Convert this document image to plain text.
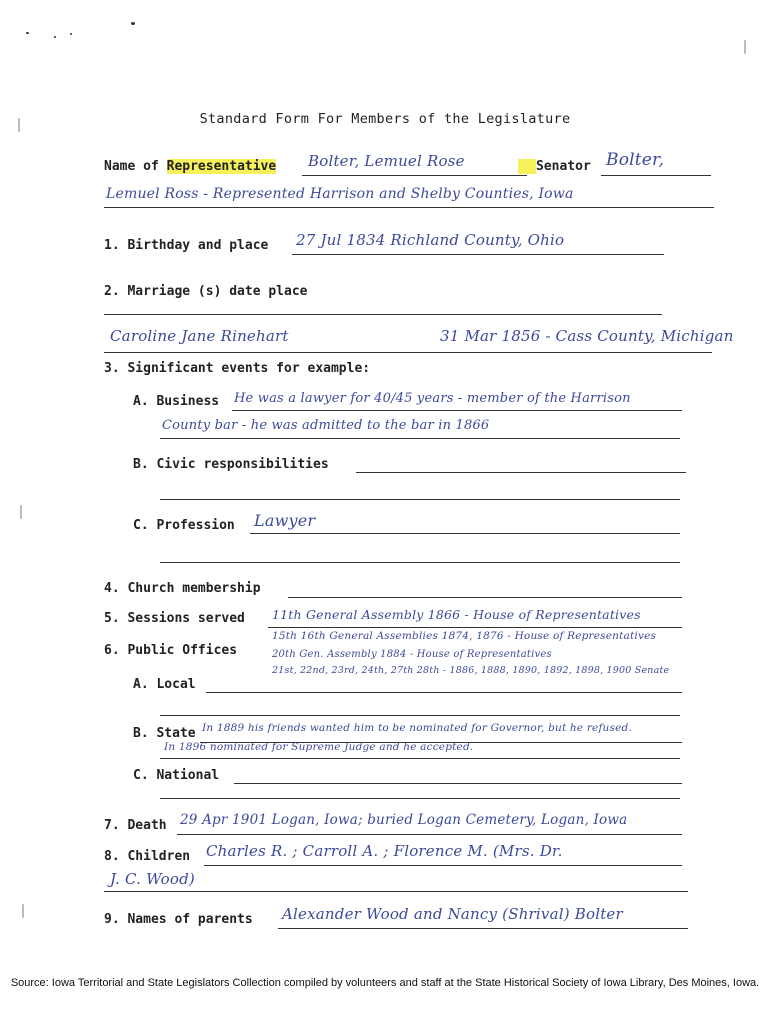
Standard Form For Members of the Legislature
Name of Representative Bolter, Lemuel Rose	Senator Bolter,
Lemuel Ross - Represented Harrison and Shelby Counties, Iowa
1. Birthday and place 27 Jul 1834 Richland County, Ohio
2. Marriage (s) date place
Caroline Jane Rinehart	31 Mar 1856 - Cass County, Michigan
3. Significant events for example:
A. Business He was a lawyer for 40/45 years - member of the Harrison
County bar - he was admitted to the bar in 1866
B. Civic responsibilities
C. Profession Lawyer
4. Church membership
5. Sessions served 11th General Assembly 1866 - House of Representatives
6. Public Offices
15th 16th General Assemblies 1874, 1876 - House of Representatives
20th Gen. Assembly 1884 - House of Representatives
21st, 22nd, 23rd, 24th, 27th 28th - 1886, 1888, 1890, 1892, 1898, 1900 Senate
A. Local
B. State In 1889 his friends wanted him to be nominated for Governor, but he refused.
In 1896 nominated for Supreme Judge and he accepted.
C. National
7. Death 29 Apr 1901 Logan, Iowa; buried Logan Cemetery, Logan, Iowa
8. Children Charles R. ; Carroll A. ; Florence M. (Mrs. Dr.
J. C. Wood)
9. Names of parents Alexander Wood and Nancy (Shrival) Bolter
Source: Iowa Territorial and State Legislators Collection compiled by volunteers and staff at the State Historical Society of Iowa Library, Des Moines, Iowa.
